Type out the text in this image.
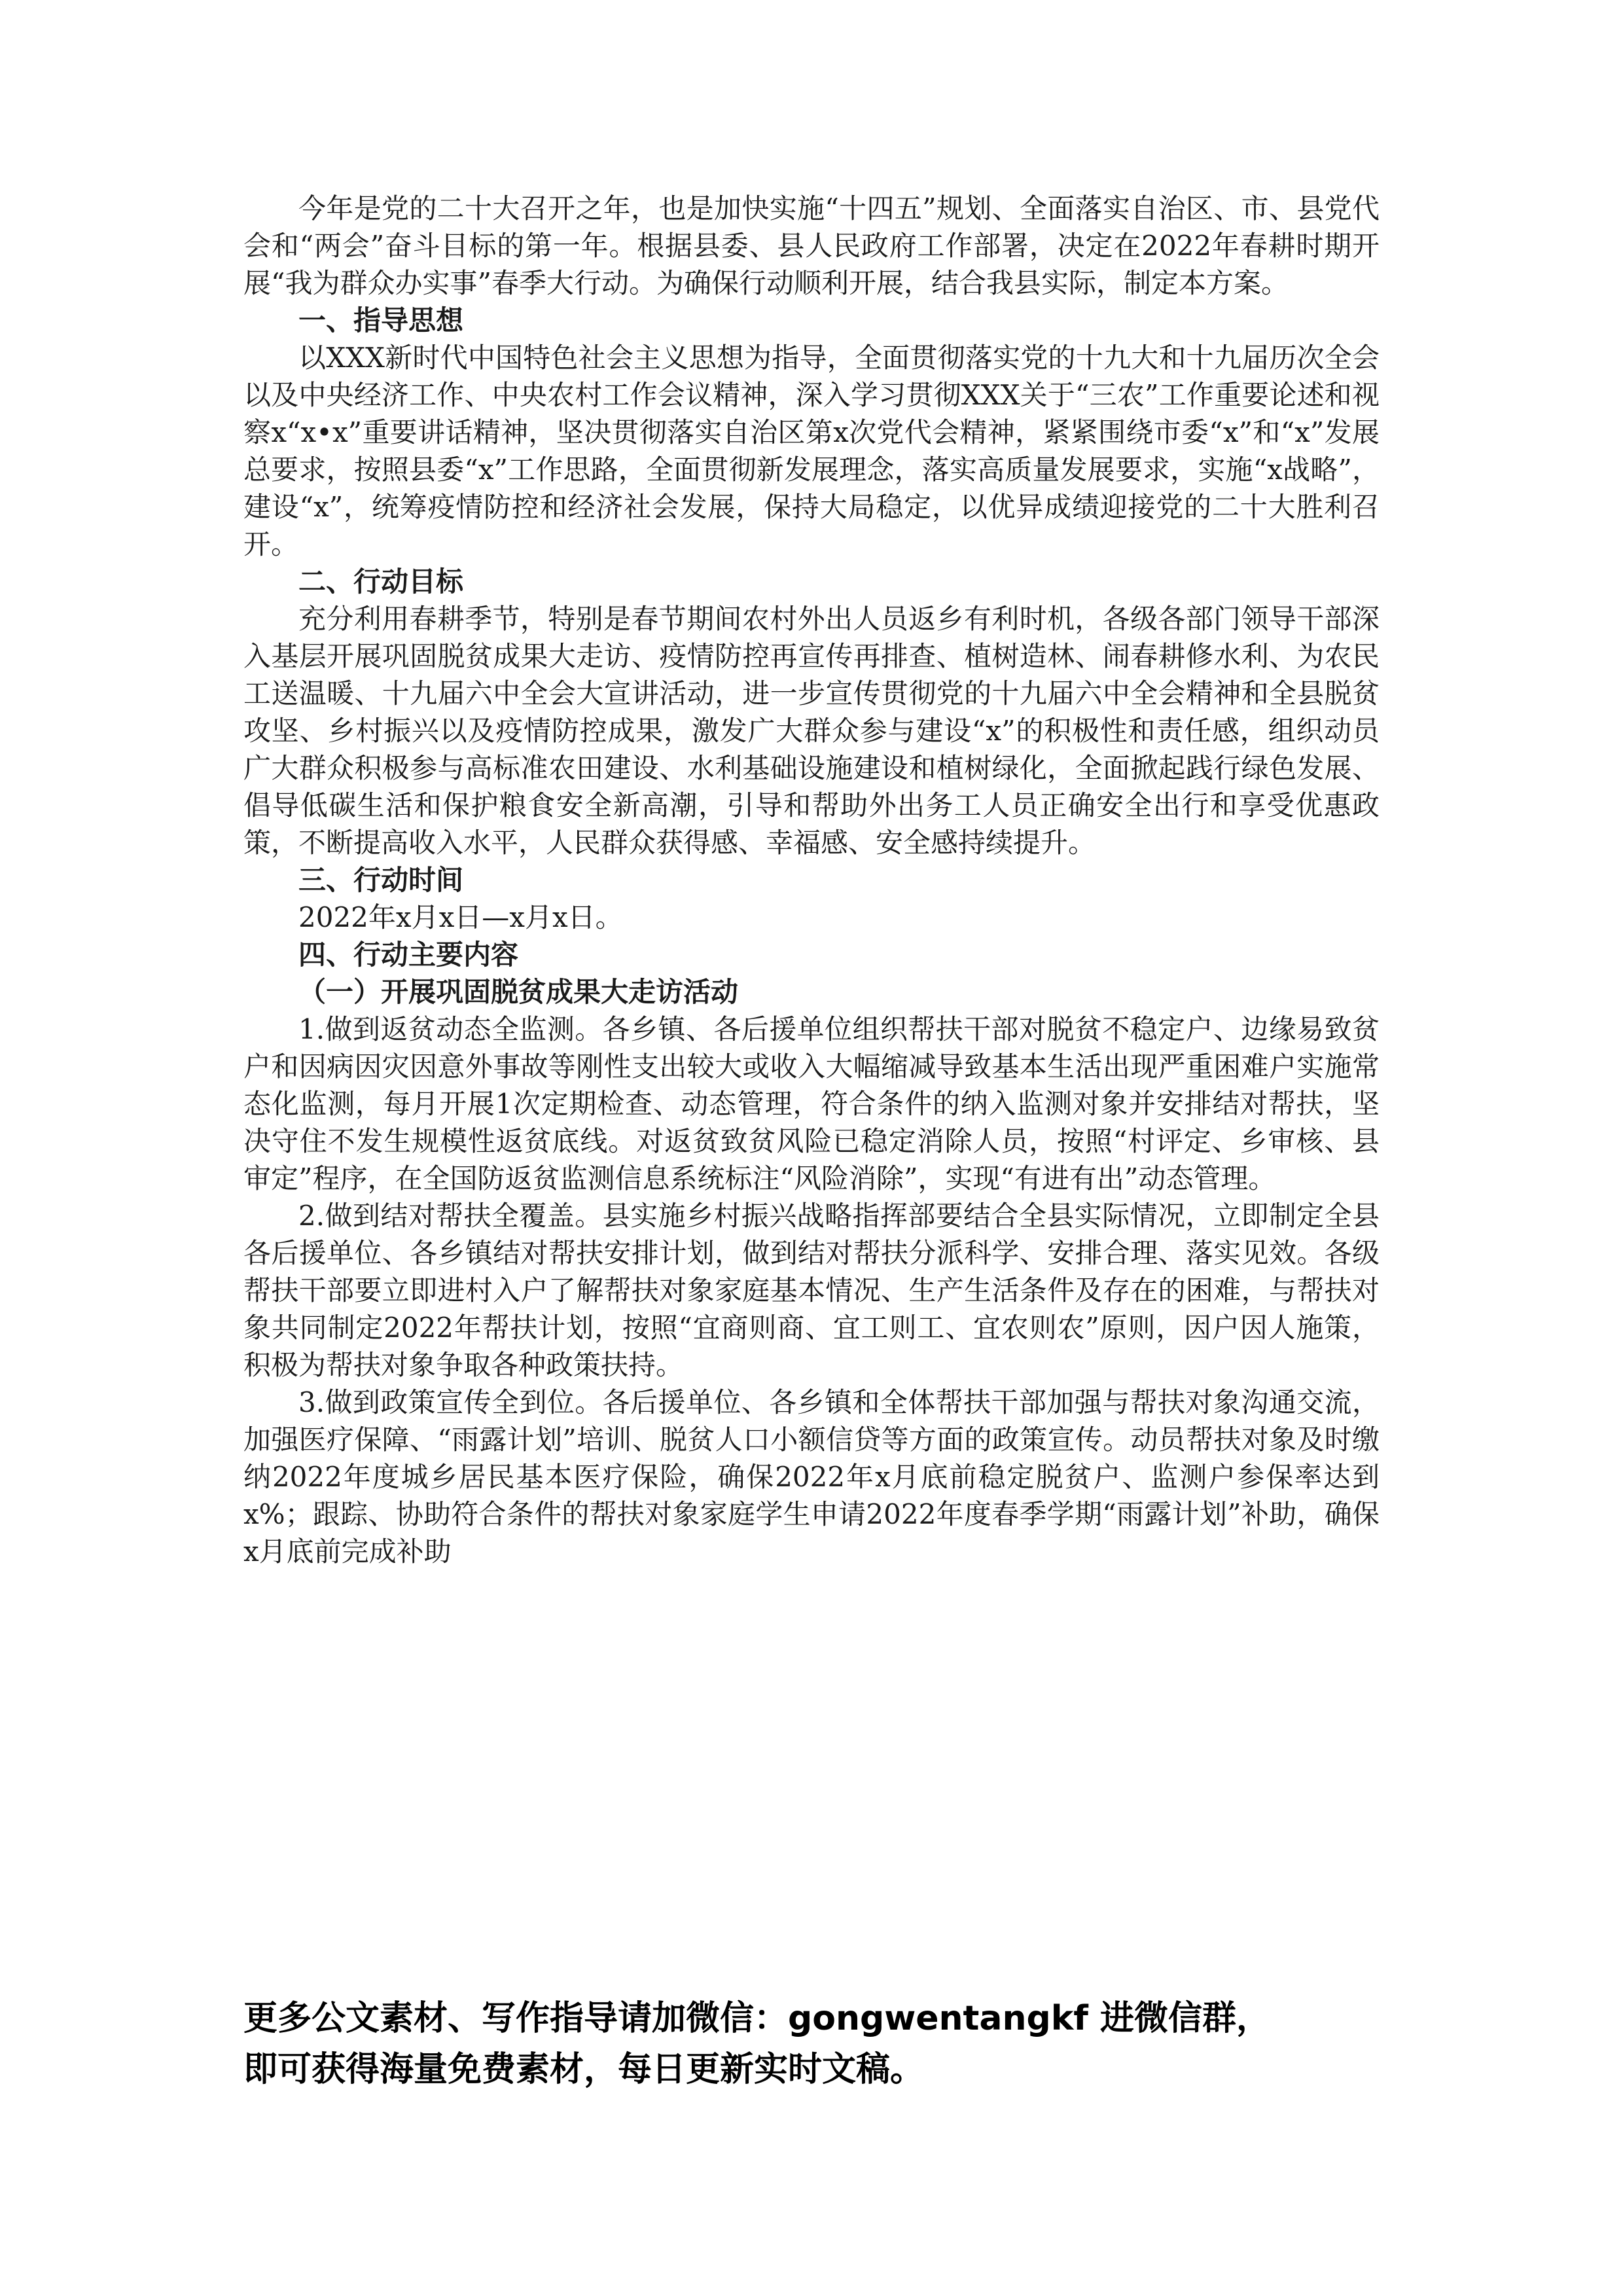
今年是党的二十大召开之年，也是加快实施“十四五”规划、全面落实自治区、市、县党代会和“两会”奋斗目标的第一年。根据县委、县人民政府工作部署，决定在2022年春耕时期开展“我为群众办实事”春季大行动。为确保行动顺利开展，结合我县实际，制定本方案。

一、指导思想

以XXX新时代中国特色社会主义思想为指导，全面贯彻落实党的十九大和十九届历次全会以及中央经济工作、中央农村工作会议精神，深入学习贯彻XXX关于“三农”工作重要论述和视察x“x•x”重要讲话精神，坚决贯彻落实自治区第x次党代会精神，紧紧围绕市委“x”和“x”发展总要求，按照县委“x”工作思路，全面贯彻新发展理念，落实高质量发展要求，实施“x战略”，建设“x”，统筹疫情防控和经济社会发展，保持大局稳定，以优异成绩迎接党的二十大胜利召开。

二、行动目标

充分利用春耕季节，特别是春节期间农村外出人员返乡有利时机，各级各部门领导干部深入基层开展巩固脱贫成果大走访、疫情防控再宣传再排查、植树造林、闹春耕修水利、为农民工送温暖、十九届六中全会大宣讲活动，进一步宣传贯彻党的十九届六中全会精神和全县脱贫攻坚、乡村振兴以及疫情防控成果，激发广大群众参与建设“x”的积极性和责任感，组织动员广大群众积极参与高标准农田建设、水利基础设施建设和植树绿化，全面掀起践行绿色发展、倡导低碳生活和保护粮食安全新高潮，引导和帮助外出务工人员正确安全出行和享受优惠政策，不断提高收入水平，人民群众获得感、幸福感、安全感持续提升。

三、行动时间

2022年x月x日—x月x日。

四、行动主要内容

（一）开展巩固脱贫成果大走访活动

1.做到返贫动态全监测。各乡镇、各后援单位组织帮扶干部对脱贫不稳定户、边缘易致贫户和因病因灾因意外事故等刚性支出较大或收入大幅缩减导致基本生活出现严重困难户实施常态化监测，每月开展1次定期检查、动态管理，符合条件的纳入监测对象并安排结对帮扶，坚决守住不发生规模性返贫底线。对返贫致贫风险已稳定消除人员，按照“村评定、乡审核、县审定”程序，在全国防返贫监测信息系统标注“风险消除”，实现“有进有出”动态管理。

2.做到结对帮扶全覆盖。县实施乡村振兴战略指挥部要结合全县实际情况，立即制定全县各后援单位、各乡镇结对帮扶安排计划，做到结对帮扶分派科学、安排合理、落实见效。各级帮扶干部要立即进村入户了解帮扶对象家庭基本情况、生产生活条件及存在的困难，与帮扶对象共同制定2022年帮扶计划，按照“宜商则商、宜工则工、宜农则农”原则，因户因人施策，积极为帮扶对象争取各种政策扶持。

3.做到政策宣传全到位。各后援单位、各乡镇和全体帮扶干部加强与帮扶对象沟通交流，加强医疗保障、“雨露计划”培训、脱贫人口小额信贷等方面的政策宣传。动员帮扶对象及时缴纳2022年度城乡居民基本医疗保险，确保2022年x月底前稳定脱贫户、监测户参保率达到x%；跟踪、协助符合条件的帮扶对象家庭学生申请2022年度春季学期“雨露计划”补助，确保x月底前完成补助

更多公文素材、写作指导请加微信：gongwentangkf 进微信群，

即可获得海量免费素材，每日更新实时文稿。
